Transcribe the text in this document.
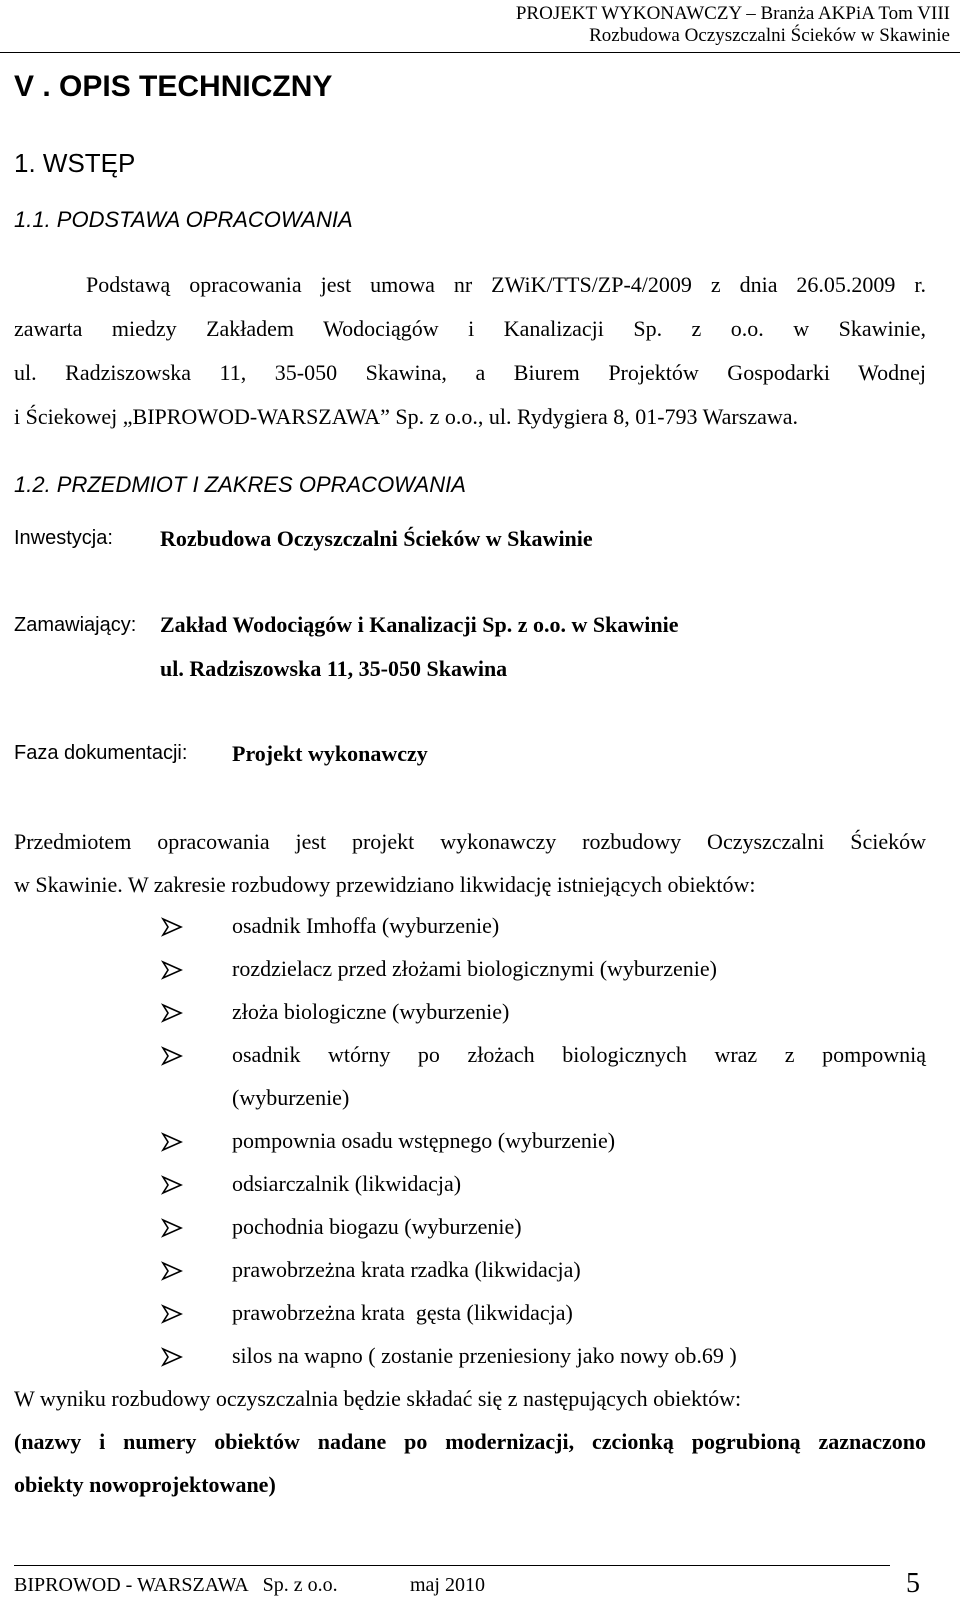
PROJEKT WYKONAWCZY – Branża AKPiA Tom VIII
Rozbudowa Oczyszczalni Ścieków w Skawinie
V . OPIS TECHNICZNY
1. WSTĘP
1.1. PODSTAWA OPRACOWANIA
Podstawą opracowania jest umowa nr ZWiK/TTS/ZP-4/2009 z dnia 26.05.2009 r.
zawarta miedzy Zakładem Wodociągów i Kanalizacji Sp. z o.o. w Skawinie,
ul. Radziszowska 11, 35-050 Skawina, a Biurem Projektów Gospodarki Wodnej
i Ściekowej „BIPROWOD-WARSZAWA” Sp. z o.o., ul. Rydygiera 8, 01-793 Warszawa.
1.2. PRZEDMIOT I ZAKRES OPRACOWANIA
Inwestycja: Rozbudowa Oczyszczalni Ścieków w Skawinie
Zamawiający: Zakład Wodociągów i Kanalizacji Sp. z o.o. w Skawinie
ul. Radziszowska 11, 35-050 Skawina
Faza dokumentacji: Projekt wykonawczy
Przedmiotem opracowania jest projekt wykonawczy rozbudowy Oczyszczalni Ścieków
w Skawinie. W zakresie rozbudowy przewidziano likwidację istniejących obiektów:
osadnik Imhoffa (wyburzenie)
rozdzielacz przed złożami biologicznymi (wyburzenie)
złoża biologiczne (wyburzenie)
osadnik wtórny po złożach biologicznych wraz z pompownią
(wyburzenie)
pompownia osadu wstępnego (wyburzenie)
odsiarczalnik (likwidacja)
pochodnia biogazu (wyburzenie)
prawobrzeżna krata rzadka (likwidacja)
prawobrzeżna krata  gęsta (likwidacja)
silos na wapno ( zostanie przeniesiony jako nowy ob.69 )
W wyniku rozbudowy oczyszczalnia będzie składać się z następujących obiektów:
(nazwy i numery obiektów nadane po modernizacji, czcionką pogrubioną zaznaczono
obiekty nowoprojektowane)
BIPROWOD - WARSZAWA   Sp. z o.o.	maj 2010	5
